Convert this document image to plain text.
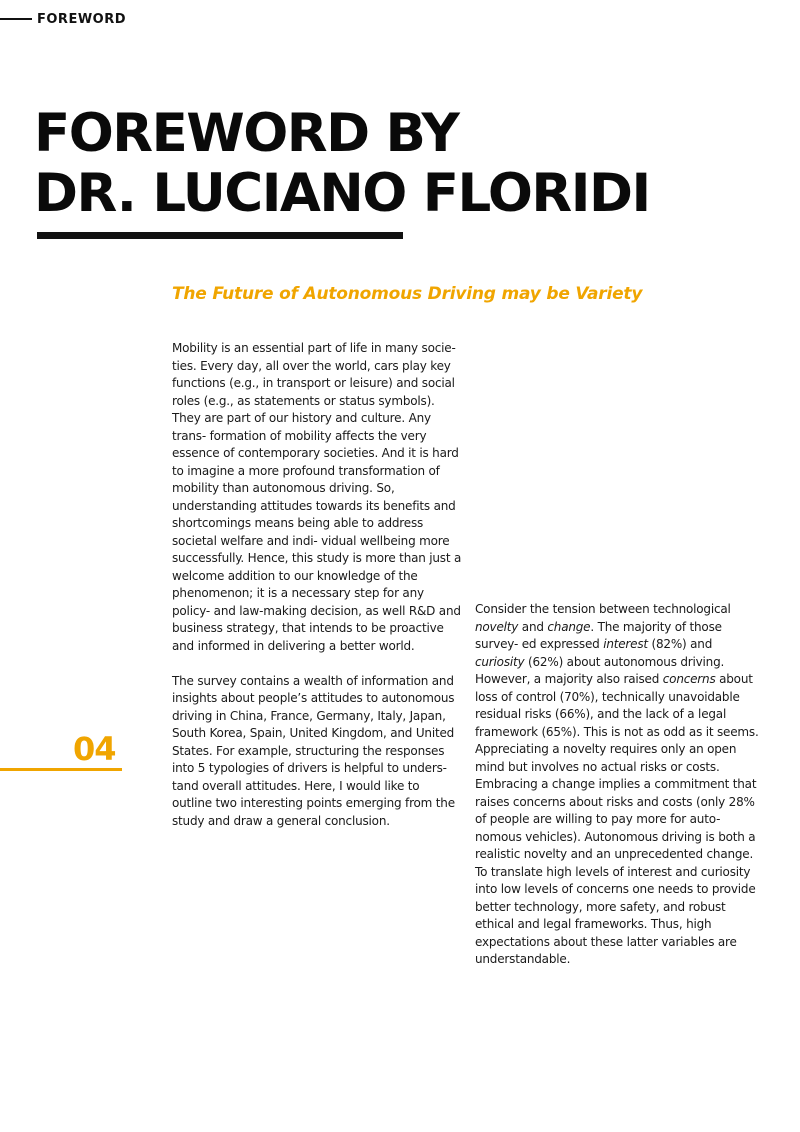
FOREWORD
FOREWORD BY
DR. LUCIANO FLORIDI
The Future of Autonomous Driving may be Variety

Mobility is an essential part of life in many socie- ties. Every day, all over the world, cars play key functions (e.g., in transport or leisure) and social roles (e.g., as statements or status symbols). They are part of our history and culture. Any trans- formation of mobility affects the very essence of contemporary societies. And it is hard to imagine a more profound transformation of mobility than autonomous driving. So, understanding attitudes towards its benefits and shortcomings means being able to address societal welfare and indi- vidual wellbeing more successfully. Hence, this study is more than just a welcome addition to our knowledge of the phenomenon; it is a necessary step for any policy- and law-making decision, as well R&D and business strategy, that intends to be proactive and informed in delivering a better world.

The survey contains a wealth of information and insights about people’s attitudes to autonomous driving in China, France, Germany, Italy, Japan, South Korea, Spain, United Kingdom, and United States. For example, structuring the responses into 5 typologies of drivers is helpful to unders- tand overall attitudes. Here, I would like to outline two interesting points emerging from the study and draw a general conclusion.

Consider the tension between technological novelty and change. The majority of those survey- ed expressed interest (82%) and curiosity (62%) about autonomous driving. However, a majority also raised concerns about loss of control (70%), technically unavoidable residual risks (66%), and the lack of a legal framework (65%). This is not as odd as it seems. Appreciating a novelty requires only an open mind but involves no actual risks or costs. Embracing a change implies a commitment that raises concerns about risks and costs (only 28% of people are willing to pay more for auto- nomous vehicles). Autonomous driving is both a realistic novelty and an unprecedented change. To translate high levels of interest and curiosity into low levels of concerns one needs to provide better technology, more safety, and robust ethical and legal frameworks. Thus, high expectations about these latter variables are understandable.

04
